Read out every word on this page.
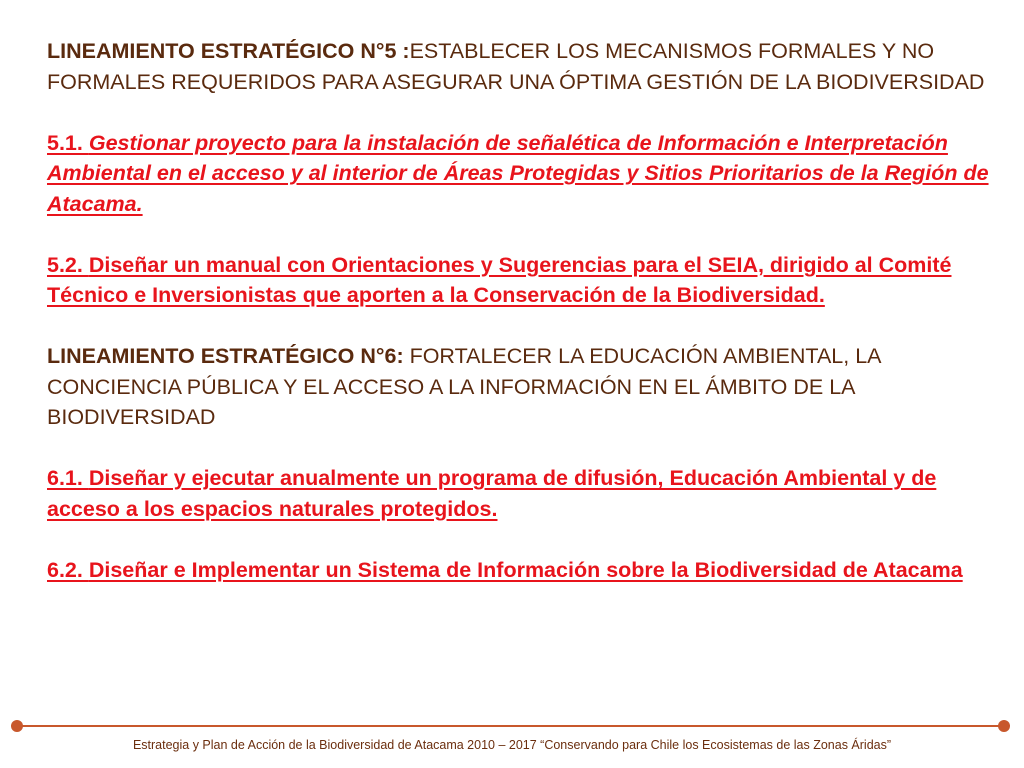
LINEAMIENTO ESTRATÉGICO N°5 :ESTABLECER LOS MECANISMOS FORMALES Y NO FORMALES REQUERIDOS PARA ASEGURAR UNA ÓPTIMA GESTIÓN DE LA BIODIVERSIDAD
5.1. Gestionar proyecto para la instalación de señalética de Información e Interpretación Ambiental en el acceso y al interior de Áreas Protegidas y Sitios Prioritarios de la Región de Atacama.
5.2. Diseñar un manual con Orientaciones y Sugerencias para el SEIA, dirigido al Comité Técnico e Inversionistas que aporten a la Conservación de la Biodiversidad.
LINEAMIENTO ESTRATÉGICO N°6: FORTALECER LA EDUCACIÓN AMBIENTAL, LA CONCIENCIA PÚBLICA Y EL ACCESO A LA INFORMACIÓN EN EL ÁMBITO DE LA BIODIVERSIDAD
6.1. Diseñar y ejecutar anualmente un programa de difusión, Educación Ambiental y de acceso a los espacios naturales protegidos.
6.2. Diseñar e Implementar un Sistema de Información sobre la Biodiversidad de Atacama
Estrategia y Plan de Acción de la Biodiversidad de Atacama 2010 – 2017 “Conservando para Chile los Ecosistemas de las Zonas Áridas”
